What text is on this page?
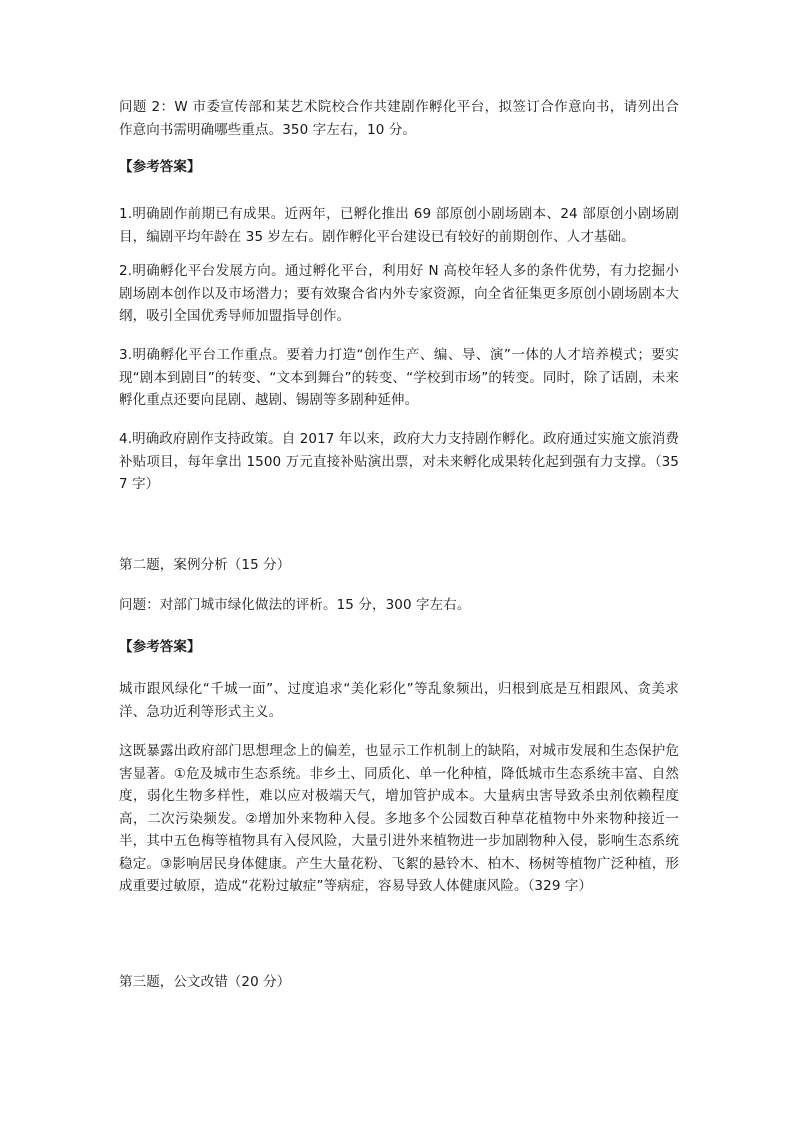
问题 2：W 市委宣传部和某艺术院校合作共建剧作孵化平台，拟签订合作意向书，请列出合作意向书需明确哪些重点。350 字左右，10 分。
【参考答案】
1.明确剧作前期已有成果。近两年，已孵化推出 69 部原创小剧场剧本、24 部原创小剧场剧目，编剧平均年龄在 35 岁左右。剧作孵化平台建设已有较好的前期创作、人才基础。
2.明确孵化平台发展方向。通过孵化平台，利用好 N 高校年轻人多的条件优势，有力挖掘小剧场剧本创作以及市场潜力；要有效聚合省内外专家资源，向全省征集更多原创小剧场剧本大纲，吸引全国优秀导师加盟指导创作。
3.明确孵化平台工作重点。要着力打造“创作生产、编、导、演”一体的人才培养模式；要实现“剧本到剧目”的转变、“文本到舞台”的转变、“学校到市场”的转变。同时，除了话剧，未来孵化重点还要向昆剧、越剧、锡剧等多剧种延伸。
4.明确政府剧作支持政策。自 2017 年以来，政府大力支持剧作孵化。政府通过实施文旅消费补贴项目，每年拿出 1500 万元直接补贴演出票，对未来孵化成果转化起到强有力支撑。（357 字）
第二题，案例分析（15 分）
问题：对部门城市绿化做法的评析。15 分，300 字左右。
【参考答案】
城市跟风绿化“千城一面”、过度追求“美化彩化”等乱象频出，归根到底是互相跟风、贪美求洋、急功近利等形式主义。
这既暴露出政府部门思想理念上的偏差，也显示工作机制上的缺陷，对城市发展和生态保护危害显著。①危及城市生态系统。非乡土、同质化、单一化种植，降低城市生态系统丰富、自然度，弱化生物多样性，难以应对极端天气，增加管护成本。大量病虫害导致杀虫剂依赖程度高，二次污染频发。②增加外来物种入侵。多地多个公园数百种草花植物中外来物种接近一半，其中五色梅等植物具有入侵风险，大量引进外来植物进一步加剧物种入侵，影响生态系统稳定。③影响居民身体健康。产生大量花粉、飞絮的悬铃木、柏木、杨树等植物广泛种植，形成重要过敏原，造成“花粉过敏症”等病症，容易导致人体健康风险。（329 字）
第三题，公文改错（20 分）
